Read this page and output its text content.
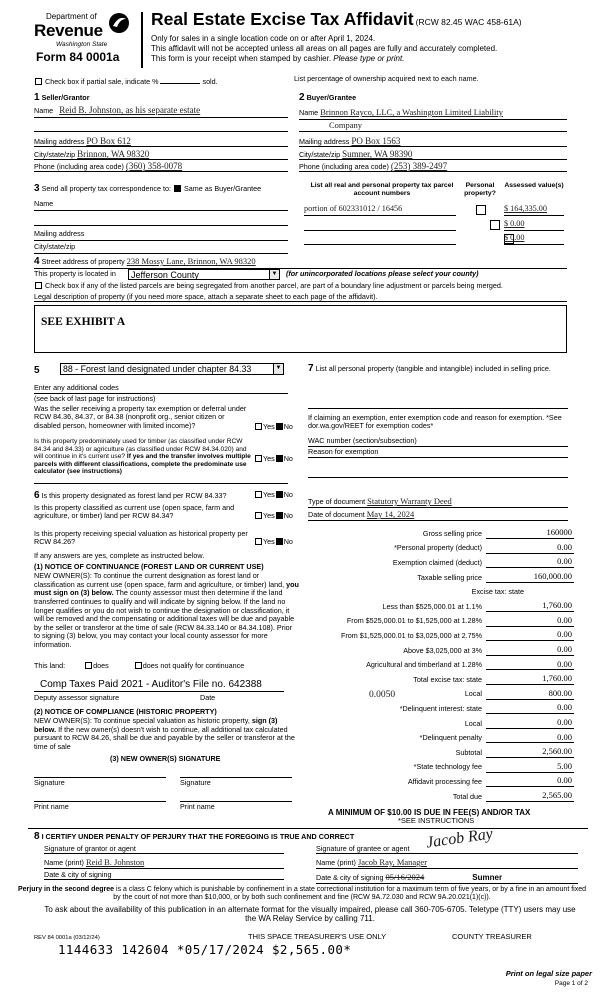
Department of
Revenue
Washington State
Form 84 0001a
Real Estate Excise Tax Affidavit (RCW 82.45 WAC 458-61A)
Only for sales in a single location code on or after April 1, 2024.
This affidavit will not be accepted unless all areas on all pages are fully and accurately completed.
This form is your receipt when stamped by cashier. Please type or print.
Check box if partial sale, indicate %	sold.	List percentage of ownership acquired next to each name.
1 Seller/Grantor
Name Reid B. Johnston, as his separate estate
Mailing address PO Box 612
City/state/zip Brinnon, WA 98320
Phone (including area code) (360) 358-0078
2 Buyer/Grantee
Name Brinnon Rayco, LLC, a Washington Limited Liability
Company
Mailing address PO Box 1563
City/state/zip Sumner, WA 98390
Phone (including area code) (253) 389-2497
3 Send all property tax correspondence to: Same as Buyer/Grantee
Name
Mailing address
City/state/zip
List all real and personal property tax parcel account numbers
Personal property?
Assessed value(s)
portion of 602331012 / 16456
	$ 164,335.00
$ 0.00
$ 0.00
4 Street address of property 238 Mossy Lane, Brinnon, WA 98320
This property is located in	Jefferson County	▼ (for unincorporated locations please select your county)
Check box if any of the listed parcels are being segregated from another parcel, are part of a boundary line adjustment or parcels being merged.
Legal description of property (if you need more space, attach a separate sheet to each page of the affidavit).
SEE EXHIBIT A
5	88 - Forest land designated under chapter 84.33	▼
Enter any additional codes
(see back of last page for instructions)
Was the seller receiving a property tax exemption or deferral under RCW 84.36, 84.37, or 84.38 (nonprofit org., senior citizen or disabled person, homeowner with limited income)?	Yes No
Is this property predominately used for timber (as classified under RCW 84.34 and 84.33) or agriculture (as classified under RCW 84.34.020) and will continue in it's current use? If yes and the transfer involves multiple parcels with different classifications, complete the predominate use calculator (see instructions)
Yes No
7 List all personal property (tangible and intangible) included in selling price.
If claiming an exemption, enter exemption code and reason for exemption. *See dor.wa.gov/REET for exemption codes*
WAC number (section/subsection)
Reason for exemption
Type of document Statutory Warranty Deed
Date of document May 14, 2024
6 Is this property designated as forest land per RCW 84.33?	Yes No
Is this property classified as current use (open space, farm and agriculture, or timber) land per RCW 84.34?	Yes No
Is this property receiving special valuation as historical property per RCW 84.26?	Yes No
If any answers are yes, complete as instructed below.
(1) NOTICE OF CONTINUANCE (FOREST LAND OR CURRENT USE)
NEW OWNER(S): To continue the current designation as forest land or classification as current use (open space, farm and agriculture, or timber) land, you must sign on (3) below. The county assessor must then determine if the land transferred continues to qualify and will indicate by signing below. If the land no longer qualifies or you do not wish to continue the designation or classification, it will be removed and the compensating or additional taxes will be due and payable by the seller or transferor at the time of sale (RCW 84.33.140 or 84.34.108). Prior to signing (3) below, you may contact your local county assessor for more information.
This land:	does	does not qualify for continuance
Comp Taxes Paid 2021 - Auditor's File no. 642388
Deputy assessor signature	Date
(2) NOTICE OF COMPLIANCE (HISTORIC PROPERTY)
NEW OWNER(S): To continue special valuation as historic property, sign (3) below. If the new owner(s) doesn't wish to continue, all additional tax calculated pursuant to RCW 84.26, shall be due and payable by the seller or transferor at the time of sale
(3) NEW OWNER(S) SIGNATURE
Signature	Signature
Print name	Print name
Gross selling price	160000
*Personal property (deduct)	0.00
Exemption claimed (deduct)	0.00
Taxable selling price	160,000.00
Excise tax: state
Less than $525,000.01 at 1.1%	1,760.00
From $525,000.01 to $1,525,000 at 1.28%	0.00
From $1,525,000.01 to $3,025,000 at 2.75%	0.00
Above $3,025,000 at 3%	0.00
Agricultural and timberland at 1.28%	0.00
Total excise tax: state	1,760.00
Local	800.00
*Delinquent interest: state	0.00
Local	0.00
*Delinquent penalty	0.00
Subtotal	2,560.00
*State technology fee	5.00
Affidavit processing fee	0.00
Total due	2,565.00
0.0050
A MINIMUM OF $10.00 IS DUE IN FEE(S) AND/OR TAX
*SEE INSTRUCTIONS
8 I CERTIFY UNDER PENALTY OF PERJURY THAT THE FOREGOING IS TRUE AND CORRECT
Signature of grantor or agent
Name (print) Reid B. Johnston
Date & city of signing
Signature of grantee or agent Jacob Ray
Name (print) Jacob Ray, Manager
Date & city of signing 05/16/2024	Sumner
Perjury in the second degree is a class C felony which is punishable by confinement in a state correctional institution for a maximum term of five years, or by a fine in an amount fixed by the court of not more than $10,000, or by both such confinement and fine (RCW 9A.72.030 and RCW 9A.20.021(1)(c)).
To ask about the availability of this publication in an alternate format for the visually impaired, please call 360-705-6705. Teletype (TTY) users may use the WA Relay Service by calling 711.
REV 84 0001a (03/12/24)	THIS SPACE TREASURER'S USE ONLY	COUNTY TREASURER
1144633 142604 *05/17/2024 $2,565.00*
Print on legal size paper
Page 1 of 2
